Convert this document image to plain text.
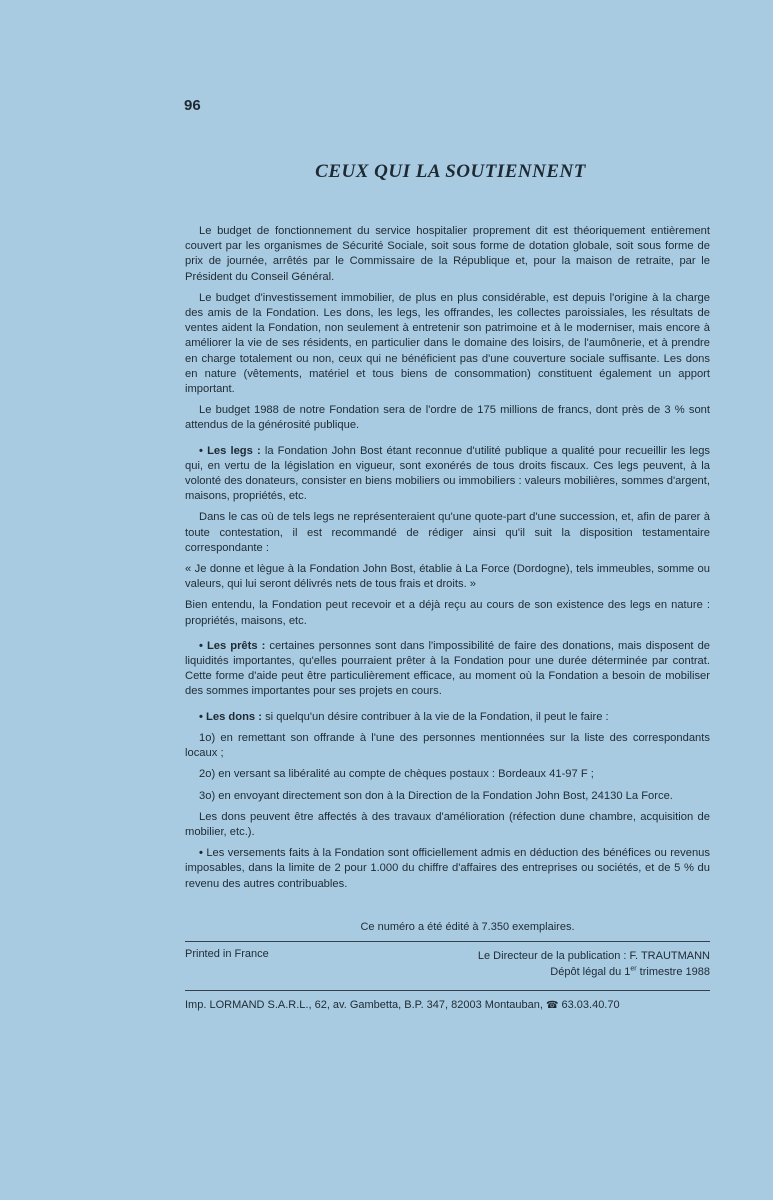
96
CEUX QUI LA SOUTIENNENT

Le budget de fonctionnement du service hospitalier proprement dit est théoriquement entièrement couvert par les organismes de Sécurité Sociale, soit sous forme de dotation globale, soit sous forme de prix de journée, arrêtés par le Commissaire de la République et, pour la maison de retraite, par le Président du Conseil Général.

Le budget d'investissement immobilier, de plus en plus considérable, est depuis l'origine à la charge des amis de la Fondation. Les dons, les legs, les offrandes, les collectes paroissiales, les résultats de ventes aident la Fondation, non seulement à entretenir son patrimoine et à le moderniser, mais encore à améliorer la vie de ses résidents, en particulier dans le domaine des loisirs, de l'aumônerie, et à prendre en charge totalement ou non, ceux qui ne bénéficient pas d'une couverture sociale suffisante. Les dons en nature (vêtements, matériel et tous biens de consommation) constituent également un apport important.

Le budget 1988 de notre Fondation sera de l'ordre de 175 millions de francs, dont près de 3 % sont attendus de la générosité publique.

• Les legs : la Fondation John Bost étant reconnue d'utilité publique a qualité pour recueillir les legs qui, en vertu de la législation en vigueur, sont exonérés de tous droits fiscaux. Ces legs peuvent, à la volonté des donateurs, consister en biens mobiliers ou immobiliers : valeurs mobilières, sommes d'argent, maisons, propriétés, etc.

Dans le cas où de tels legs ne représenteraient qu'une quote-part d'une succession, et, afin de parer à toute contestation, il est recommandé de rédiger ainsi qu'il suit la disposition testamentaire correspondante :

« Je donne et lègue à la Fondation John Bost, établie à La Force (Dordogne), tels immeubles, somme ou valeurs, qui lui seront délivrés nets de tous frais et droits. »

Bien entendu, la Fondation peut recevoir et a déjà reçu au cours de son existence des legs en nature : propriétés, maisons, etc.

• Les prêts : certaines personnes sont dans l'impossibilité de faire des donations, mais disposent de liquidités importantes, qu'elles pourraient prêter à la Fondation pour une durée déterminée par contrat. Cette forme d'aide peut être particulièrement efficace, au moment où la Fondation a besoin de mobiliser des sommes importantes pour ses projets en cours.

• Les dons : si quelqu'un désire contribuer à la vie de la Fondation, il peut le faire :

1o) en remettant son offrande à l'une des personnes mentionnées sur la liste des correspondants locaux ;

2o) en versant sa libéralité au compte de chèques postaux : Bordeaux 41-97 F ;

3o) en envoyant directement son don à la Direction de la Fondation John Bost, 24130 La Force.

Les dons peuvent être affectés à des travaux d'amélioration (réfection dune chambre, acquisition de mobilier, etc.).

• Les versements faits à la Fondation sont officiellement admis en déduction des bénéfices ou revenus imposables, dans la limite de 2 pour 1.000 du chiffre d'affaires des entreprises ou sociétés, et de 5 % du revenu des autres contribuables.

Ce numéro a été édité à 7.350 exemplaires.
Printed in France	Le Directeur de la publication : F. TRAUTMANN
Dépôt légal du 1er trimestre 1988
Imp. LORMAND S.A.R.L., 62, av. Gambetta, B.P. 347, 82003 Montauban, ☎ 63.03.40.70
